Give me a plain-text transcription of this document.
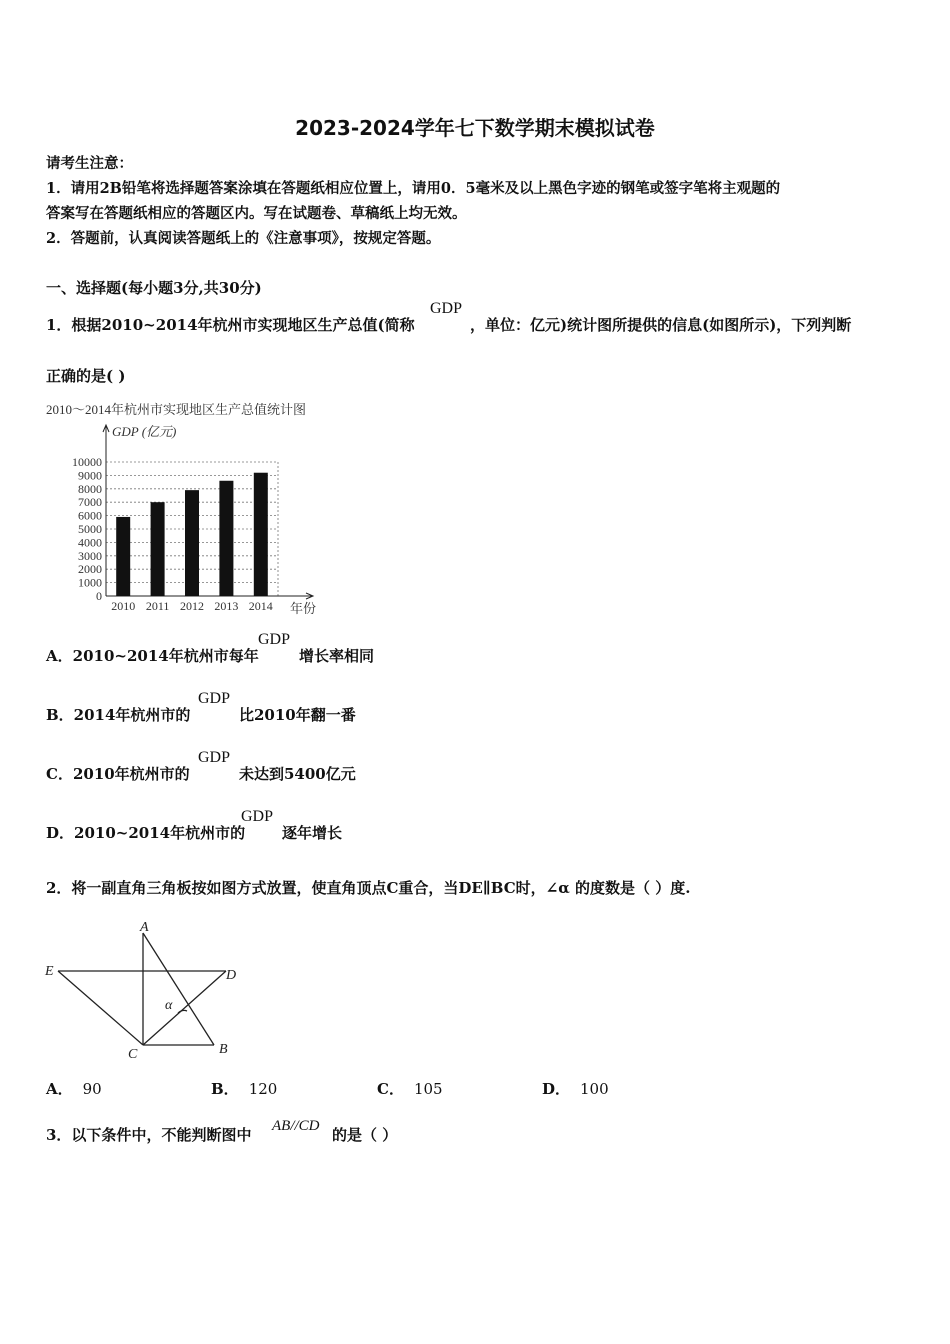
2023-2024学年七下数学期末模拟试卷
请考生注意：
1．请用2B铅笔将选择题答案涂填在答题纸相应位置上，请用0．5毫米及以上黑色字迹的钢笔或签字笔将主观题的
答案写在答题纸相应的答题区内。写在试题卷、草稿纸上均无效。
2．答题前，认真阅读答题纸上的《注意事项》，按规定答题。
一、选择题(每小题3分,共30分)
1．根据2010~2014年杭州市实现地区生产总值(简称
GDP
，单位：亿元)统计图所提供的信息(如图所示)，下列判断
正确的是( )
2010～2014年杭州市实现地区生产总值统计图
GDP (亿元)
年份
0
1000
2000
3000
4000
5000
6000
7000
8000
9000
10000
2010 2011 2012 2013 2014
A．2010~2014年杭州市每年
GDP
增长率相同
B．2014年杭州市的
GDP
比2010年翻一番
C．2010年杭州市的
GDP
未达到5400亿元
D．2010~2014年杭州市的
GDP
逐年增长
2．将一副直角三角板按如图方式放置，使直角顶点C重合，当DE∥BC时，∠α 的度数是（ ）度.
A
E	D
C	B
α
A． 90	B． 120	C． 105	D． 100
3．以下条件中，不能判断图中 AB//CD 的是（ ）
